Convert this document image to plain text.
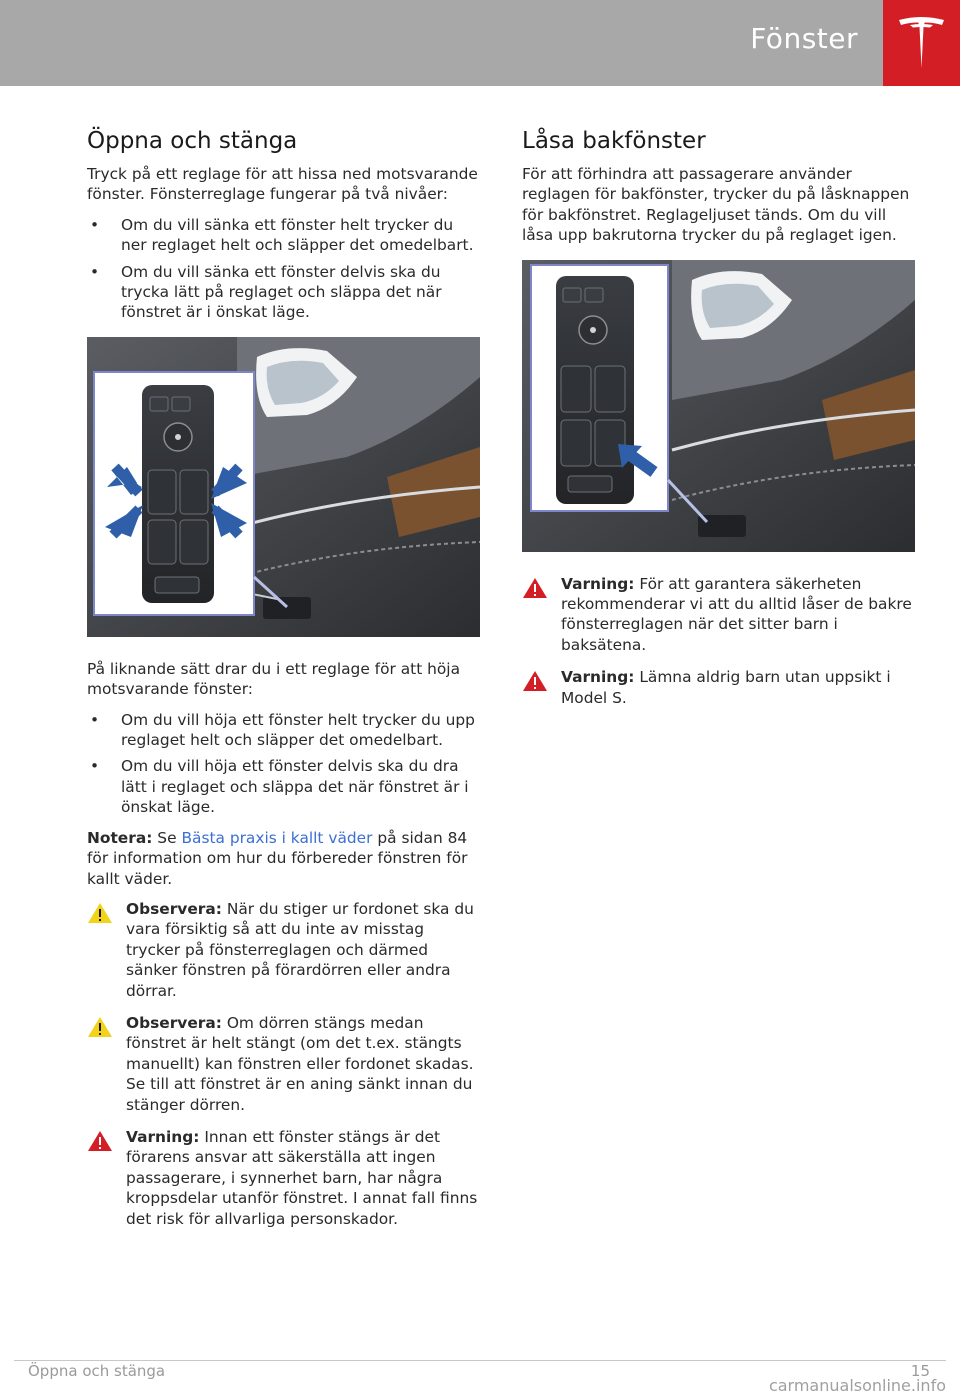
Fönster
Öppna och stänga

Tryck på ett reglage för att hissa ned motsvarande fönster. Fönsterreglage fungerar på två nivåer:

• Om du vill sänka ett fönster helt trycker du ner reglaget helt och släpper det omedelbart.
• Om du vill sänka ett fönster delvis ska du trycka lätt på reglaget och släppa det när fönstret är i önskat läge.

På liknande sätt drar du i ett reglage för att höja motsvarande fönster:

• Om du vill höja ett fönster helt trycker du upp reglaget helt och släpper det omedelbart.
• Om du vill höja ett fönster delvis ska du dra lätt i reglaget och släppa det när fönstret är i önskat läge.

Notera: Se Bästa praxis i kallt väder på sidan 84 för information om hur du förbereder fönstren för kallt väder.

Observera: När du stiger ur fordonet ska du vara försiktig så att du inte av misstag trycker på fönsterreglagen och därmed sänker fönstren på förardörren eller andra dörrar.

Observera: Om dörren stängs medan fönstret är helt stängt (om det t.ex. stängts manuellt) kan fönstren eller fordonet skadas. Se till att fönstret är en aning sänkt innan du stänger dörren.

Varning: Innan ett fönster stängs är det förarens ansvar att säkerställa att ingen passagerare, i synnerhet barn, har några kroppsdelar utanför fönstret. I annat fall finns det risk för allvarliga personskador.

Låsa bakfönster

För att förhindra att passagerare använder reglagen för bakfönster, trycker du på låsknappen för bakfönstret. Reglageljuset tänds. Om du vill låsa upp bakrutorna trycker du på reglaget igen.

Varning: För att garantera säkerheten rekommenderar vi att du alltid låser de bakre fönsterreglagen när det sitter barn i baksätena.

Varning: Lämna aldrig barn utan uppsikt i Model S.

Öppna och stänga	15
carmanualsonline.info
